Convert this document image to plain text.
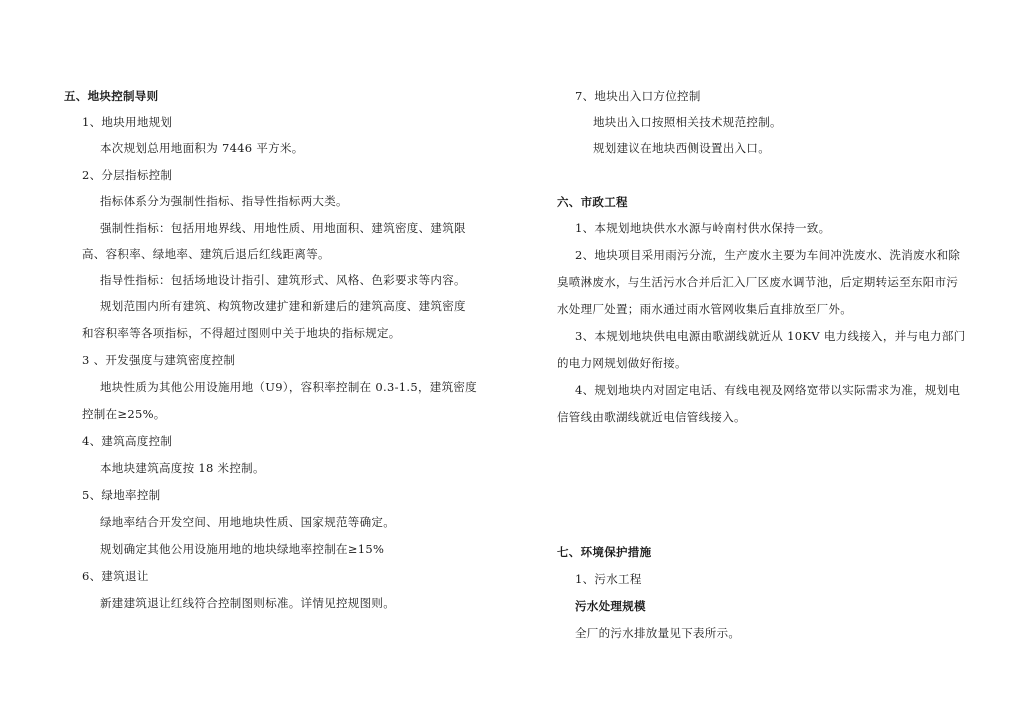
五、地块控制导则
1、地块用地规划
本次规划总用地面积为 7446 平方米。
2、分层指标控制
指标体系分为强制性指标、指导性指标两大类。
强制性指标：包括用地界线、用地性质、用地面积、建筑密度、建筑限
高、容积率、绿地率、建筑后退后红线距离等。
指导性指标：包括场地设计指引、建筑形式、风格、色彩要求等内容。
规划范围内所有建筑、构筑物改建扩建和新建后的建筑高度、建筑密度
和容积率等各项指标，不得超过图则中关于地块的指标规定。
3 、开发强度与建筑密度控制
地块性质为其他公用设施用地（U9），容积率控制在 0.3-1.5，建筑密度
控制在≥25%。
4、建筑高度控制
本地块建筑高度按 18 米控制。
5、绿地率控制
绿地率结合开发空间、用地地块性质、国家规范等确定。
规划确定其他公用设施用地的地块绿地率控制在≥15%
6、建筑退让
新建建筑退让红线符合控制图则标准。详情见控规图则。
7、地块出入口方位控制
地块出入口按照相关技术规范控制。
规划建议在地块西侧设置出入口。
六、市政工程
1、本规划地块供水水源与岭南村供水保持一致。
2、地块项目采用雨污分流，生产废水主要为车间冲洗废水、洗消废水和除
臭喷淋废水，与生活污水合并后汇入厂区废水调节池，后定期转运至东阳市污
水处理厂处置；雨水通过雨水管网收集后直排放至厂外。
3、本规划地块供电电源由歌湖线就近从 10KV 电力线接入，并与电力部门
的电力网规划做好衔接。
4、规划地块内对固定电话、有线电视及网络宽带以实际需求为准，规划电
信管线由歌湖线就近电信管线接入。
七、环境保护措施
1、污水工程
污水处理规模
全厂的污水排放量见下表所示。
